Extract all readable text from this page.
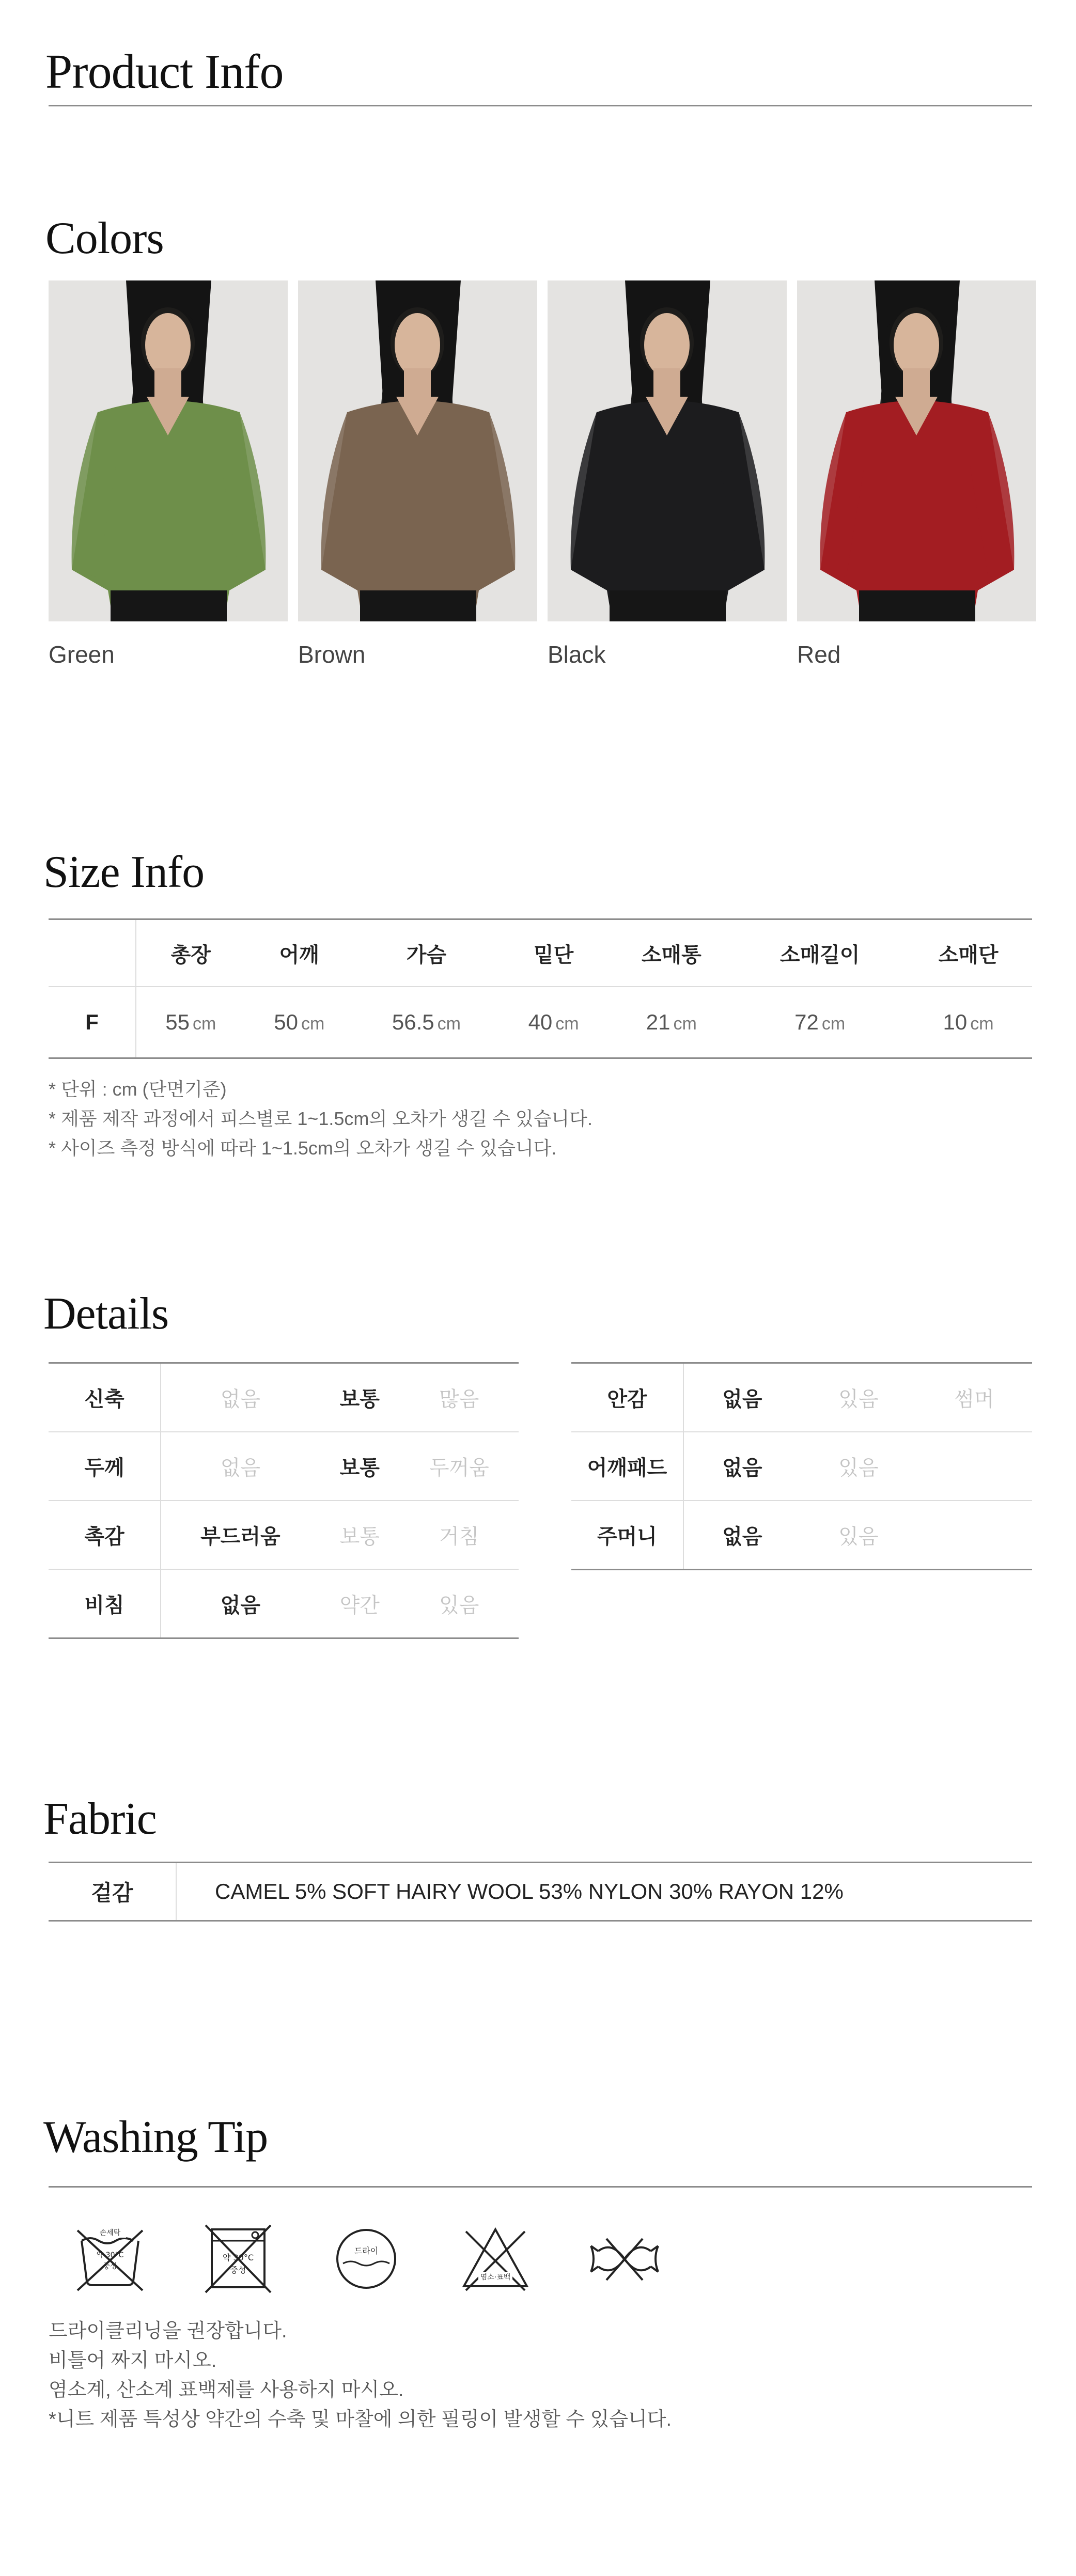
Product Info
Colors
Green	Brown	Black	Red
Size Info
	총장	어깨	가슴	밑단	소매통	소매길이	소매단
F	55 cm	50 cm	56.5 cm	40 cm	21 cm	72 cm	10 cm
* 단위 : cm (단면기준)
* 제품 제작 과정에서 피스별로 1~1.5cm의 오차가 생길 수 있습니다.
* 사이즈 측정 방식에 따라 1~1.5cm의 오차가 생길 수 있습니다.
Details
신축	없음	보통	많음
두께	없음	보통	두꺼움
촉감	부드러움	보통	거침
비침	없음	약간	있음
안감	없음	있음	썸머
어깨패드	없음	있음	
주머니	없음	있음	
Fabric
겉감	CAMEL 5% SOFT HAIRY WOOL 53% NYLON 30% RAYON 12%
Washing Tip
손세탁
약 30°C
중성
약 30°C
중성
드라이
염소·표백
드라이클리닝을 권장합니다.
비틀어 짜지 마시오.
염소계, 산소계 표백제를 사용하지 마시오.
*니트 제품 특성상 약간의 수축 및 마찰에 의한 필링이 발생할 수 있습니다.
